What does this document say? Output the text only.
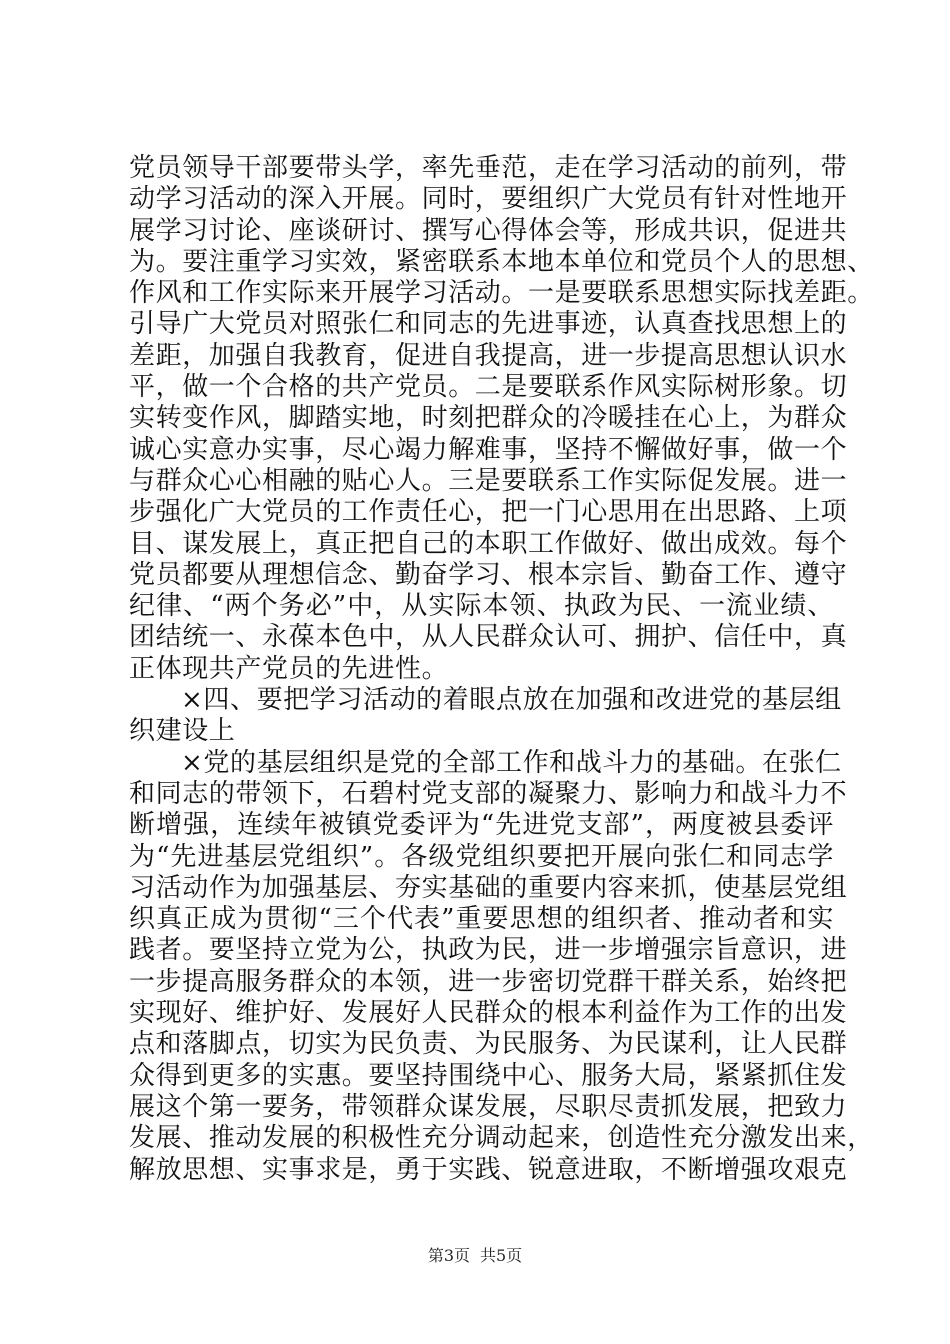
党员领导干部要带头学，率先垂范，走在学习活动的前列，带
动学习活动的深入开展。同时，要组织广大党员有针对性地开
展学习讨论、座谈研讨、撰写心得体会等，形成共识，促进共
为。要注重学习实效，紧密联系本地本单位和党员个人的思想、
作风和工作实际来开展学习活动。一是要联系思想实际找差距。
引导广大党员对照张仁和同志的先进事迹，认真查找思想上的
差距，加强自我教育，促进自我提高，进一步提高思想认识水
平，做一个合格的共产党员。二是要联系作风实际树形象。切
实转变作风，脚踏实地，时刻把群众的冷暖挂在心上，为群众
诚心实意办实事，尽心竭力解难事，坚持不懈做好事，做一个
与群众心心相融的贴心人。三是要联系工作实际促发展。进一
步强化广大党员的工作责任心，把一门心思用在出思路、上项
目、谋发展上，真正把自己的本职工作做好、做出成效。每个
党员都要从理想信念、勤奋学习、根本宗旨、勤奋工作、遵守
纪律、“两个务必”中，从实际本领、执政为民、一流业绩、
团结统一、永葆本色中，从人民群众认可、拥护、信任中，真
正体现共产党员的先进性。
×四、要把学习活动的着眼点放在加强和改进党的基层组
织建设上
×党的基层组织是党的全部工作和战斗力的基础。在张仁
和同志的带领下，石碧村党支部的凝聚力、影响力和战斗力不
断增强，连续年被镇党委评为“先进党支部”，两度被县委评
为“先进基层党组织”。各级党组织要把开展向张仁和同志学
习活动作为加强基层、夯实基础的重要内容来抓，使基层党组
织真正成为贯彻“三个代表”重要思想的组织者、推动者和实
践者。要坚持立党为公，执政为民，进一步增强宗旨意识，进
一步提高服务群众的本领，进一步密切党群干群关系，始终把
实现好、维护好、发展好人民群众的根本利益作为工作的出发
点和落脚点，切实为民负责、为民服务、为民谋利，让人民群
众得到更多的实惠。要坚持围绕中心、服务大局，紧紧抓住发
展这个第一要务，带领群众谋发展，尽职尽责抓发展，把致力
发展、推动发展的积极性充分调动起来，创造性充分激发出来，
解放思想、实事求是，勇于实践、锐意进取，不断增强攻艰克
第3页 共5页
